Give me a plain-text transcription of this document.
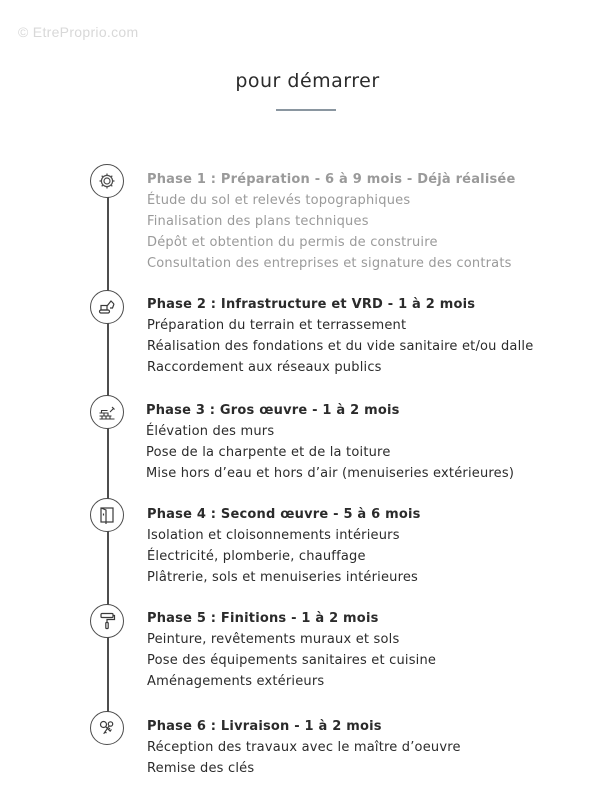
© EtreProprio.com
pour démarrer
Phase 1 : Préparation - 6 à 9 mois - Déjà réalisée
Étude du sol et relevés topographiques
Finalisation des plans techniques
Dépôt et obtention du permis de construire
Consultation des entreprises et signature des contrats
Phase 2 : Infrastructure et VRD - 1 à 2 mois
Préparation du terrain et terrassement
Réalisation des fondations et du vide sanitaire et/ou dalle
Raccordement aux réseaux publics
Phase 3 : Gros œuvre - 1 à 2 mois
Élévation des murs
Pose de la charpente et de la toiture
Mise hors d’eau et hors d’air (menuiseries extérieures)
Phase 4 : Second œuvre - 5 à 6 mois
Isolation et cloisonnements intérieurs
Électricité, plomberie, chauffage
Plâtrerie, sols et menuiseries intérieures
Phase 5 : Finitions - 1 à 2 mois
Peinture, revêtements muraux et sols
Pose des équipements sanitaires et cuisine
Aménagements extérieurs
Phase 6 : Livraison - 1 à 2 mois
Réception des travaux avec le maître d’oeuvre
Remise des clés
